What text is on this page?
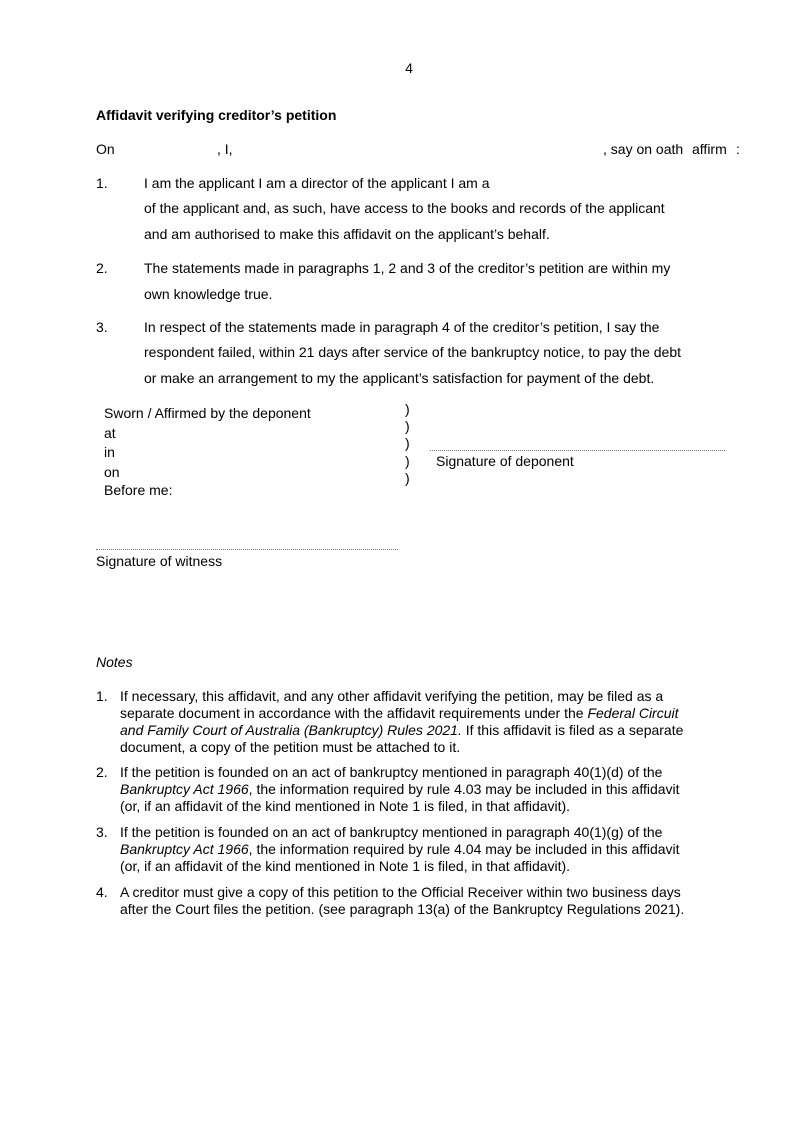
4
Affidavit verifying creditor’s petition
On	, I,	, say on oath affirm :
1.	I am the applicant I am a director of the applicant I am a
of the applicant and, as such, have access to the books and records of the applicant
and am authorised to make this affidavit on the applicant’s behalf.
2.	The statements made in paragraphs 1, 2 and 3 of the creditor’s petition are within my
own knowledge true.
3.	In respect of the statements made in paragraph 4 of the creditor’s petition, I say the
respondent failed, within 21 days after service of the bankruptcy notice, to pay the debt
or make an arrangement to my the applicant’s satisfaction for payment of the debt.
Sworn / Affirmed by the deponent
at
in
on
Before me:
)
)
)
)
)
Signature of deponent
Signature of witness
Notes
1. If necessary, this affidavit, and any other affidavit verifying the petition, may be filed as a
separate document in accordance with the affidavit requirements under the Federal Circuit
and Family Court of Australia (Bankruptcy) Rules 2021. If this affidavit is filed as a separate
document, a copy of the petition must be attached to it.
2. If the petition is founded on an act of bankruptcy mentioned in paragraph 40(1)(d) of the
Bankruptcy Act 1966, the information required by rule 4.03 may be included in this affidavit
(or, if an affidavit of the kind mentioned in Note 1 is filed, in that affidavit).
3. If the petition is founded on an act of bankruptcy mentioned in paragraph 40(1)(g) of the
Bankruptcy Act 1966, the information required by rule 4.04 may be included in this affidavit
(or, if an affidavit of the kind mentioned in Note 1 is filed, in that affidavit).
4. A creditor must give a copy of this petition to the Official Receiver within two business days
after the Court files the petition. (see paragraph 13(a) of the Bankruptcy Regulations 2021).
